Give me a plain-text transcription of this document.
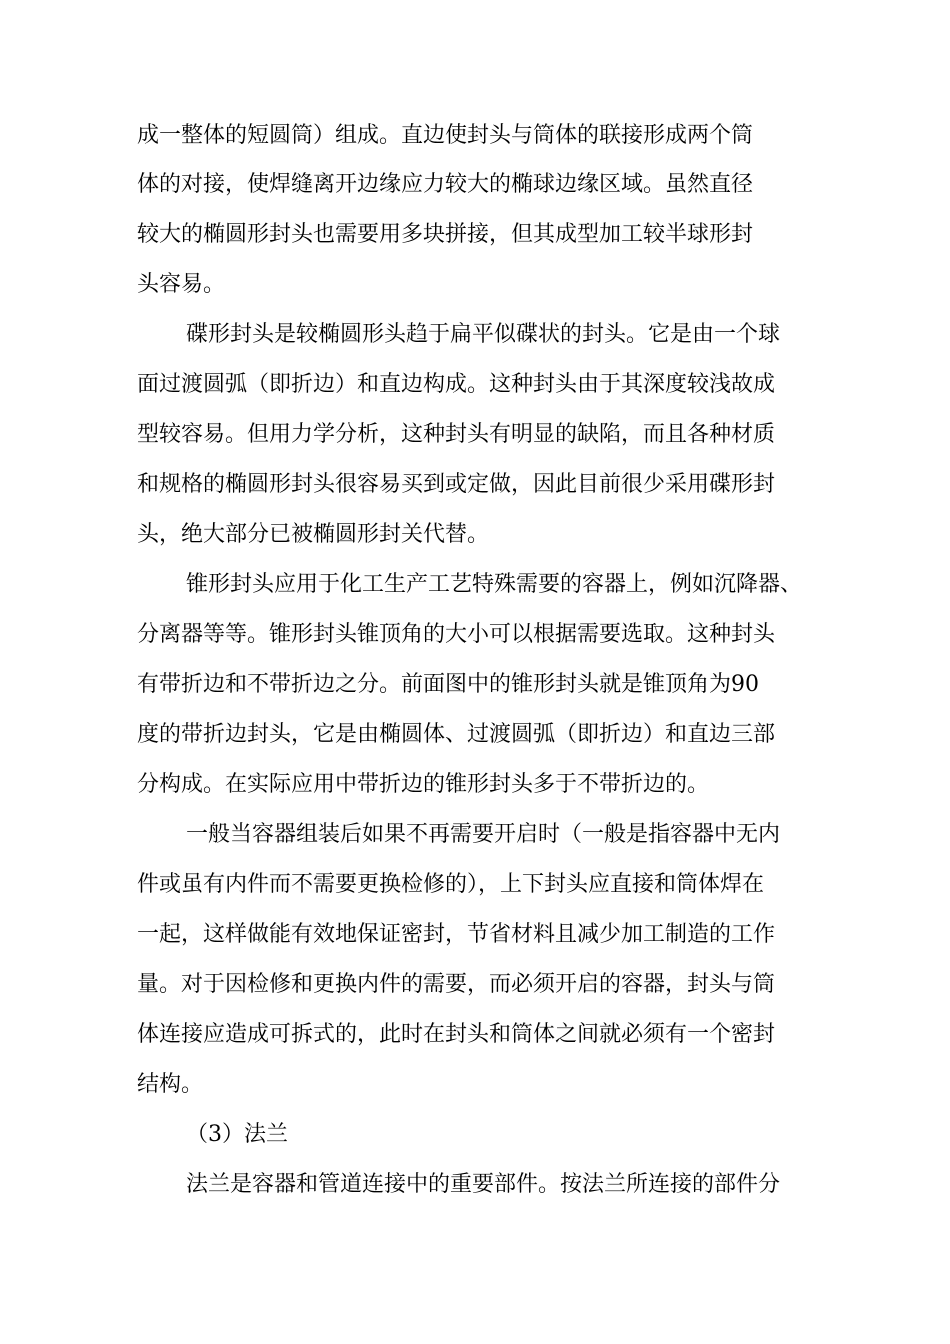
成一整体的短圆筒）组成。直边使封头与筒体的联接形成两个筒
体的对接，使焊缝离开边缘应力较大的椭球边缘区域。虽然直径
较大的椭圆形封头也需要用多块拼接，但其成型加工较半球形封
头容易。
碟形封头是较椭圆形头趋于扁平似碟状的封头。它是由一个球
面过渡圆弧（即折边）和直边构成。这种封头由于其深度较浅故成
型较容易。但用力学分析，这种封头有明显的缺陷，而且各种材质
和规格的椭圆形封头很容易买到或定做，因此目前很少采用碟形封
头，绝大部分已被椭圆形封关代替。
锥形封头应用于化工生产工艺特殊需要的容器上，例如沉降器、
分离器等等。锥形封头锥顶角的大小可以根据需要选取。这种封头
有带折边和不带折边之分。前面图中的锥形封头就是锥顶角为90
度的带折边封头，它是由椭圆体、过渡圆弧（即折边）和直边三部
分构成。在实际应用中带折边的锥形封头多于不带折边的。
一般当容器组装后如果不再需要开启时（一般是指容器中无内
件或虽有内件而不需要更换检修的），上下封头应直接和筒体焊在
一起，这样做能有效地保证密封，节省材料且减少加工制造的工作
量。对于因检修和更换内件的需要，而必须开启的容器，封头与筒
体连接应造成可拆式的，此时在封头和筒体之间就必须有一个密封
结构。
（3）法兰
法兰是容器和管道连接中的重要部件。按法兰所连接的部件分
